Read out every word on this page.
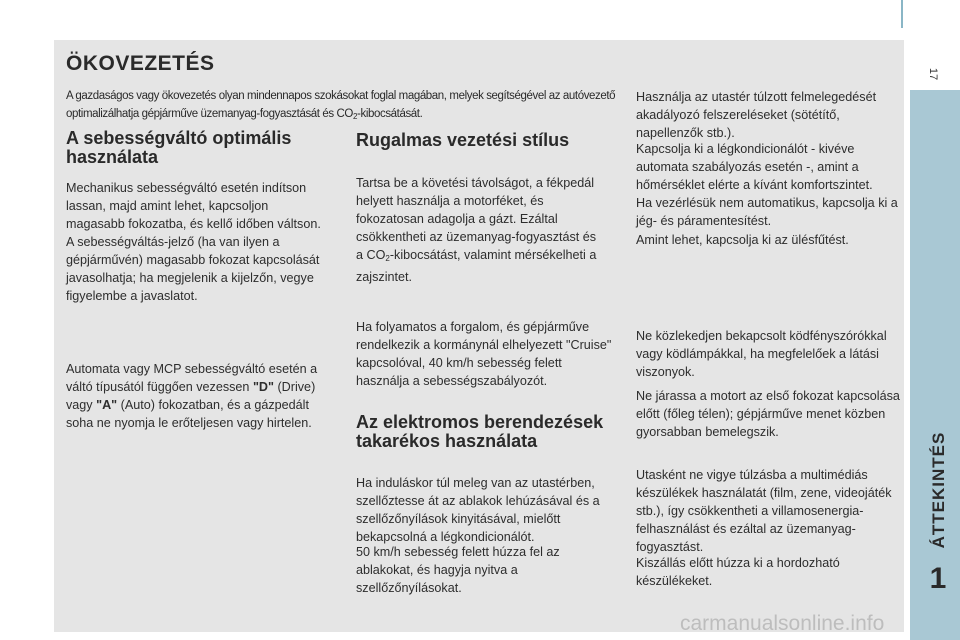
17
ÁTTEKINTÉS
1
ÖKOVEZETÉS
A gazdaságos vagy ökovezetés olyan mindennapos szokásokat foglal magában, melyek segítségével az autóvezető optimalizálhatja gépjárműve üzemanyag-fogyasztását és $CO_2$-kibocsátását.
A sebességváltó optimális használata

Mechanikus sebességváltó esetén indítson lassan, majd amint lehet, kapcsoljon magasabb fokozatba, és kellő időben váltson. A sebességváltás-jelző (ha van ilyen a gépjárművén) magasabb fokozat kapcsolását javasolhatja; ha megjelenik a kijelzőn, vegye figyelembe a javaslatot.

Automata vagy MCP sebességváltó esetén a váltó típusától függően vezessen "D" (Drive) vagy "A" (Auto) fokozatban, és a gázpedált soha ne nyomja le erőteljesen vagy hirtelen.

Rugalmas vezetési stílus

Tartsa be a követési távolságot, a fékpedál helyett használja a motorféket, és fokozatosan adagolja a gázt. Ezáltal csökkentheti az üzemanyag-fogyasztást és a $CO_2$-kibocsátást, valamint mérsékelheti a zajszintet.

Ha folyamatos a forgalom, és gépjárműve rendelkezik a kormánynál elhelyezett "Cruise" kapcsolóval, 40 km/h sebesség felett használja a sebességszabályozót.

Az elektromos berendezések takarékos használata

Ha induláskor túl meleg van az utastérben, szellőztesse át az ablakok lehúzásával és a szellőzőnyílások kinyitásával, mielőtt bekapcsolná a légkondicionálót.

50 km/h sebesség felett húzza fel az ablakokat, és hagyja nyitva a szellőzőnyílásokat.

Használja az utastér túlzott felmelegedését akadályozó felszereléseket (sötétítő, napellenzők stb.).

Kapcsolja ki a légkondicionálót - kivéve automata szabályozás esetén -, amint a hőmérséklet elérte a kívánt komfortszintet.

Ha vezérlésük nem automatikus, kapcsolja ki a jég- és páramentesítést.

Amint lehet, kapcsolja ki az ülésfűtést.

Ne közlekedjen bekapcsolt ködfényszórókkal vagy ködlámpákkal, ha megfelelőek a látási viszonyok.

Ne járassa a motort az első fokozat kapcsolása előtt (főleg télen); gépjárműve menet közben gyorsabban bemelegszik.

Utasként ne vigye túlzásba a multimédiás készülékek használatát (film, zene, videojáték stb.), így csökkentheti a villamosenergia-felhasználást és ezáltal az üzemanyag-fogyasztást.

Kiszállás előtt húzza ki a hordozható készülékeket.

carmanualsonline.info
